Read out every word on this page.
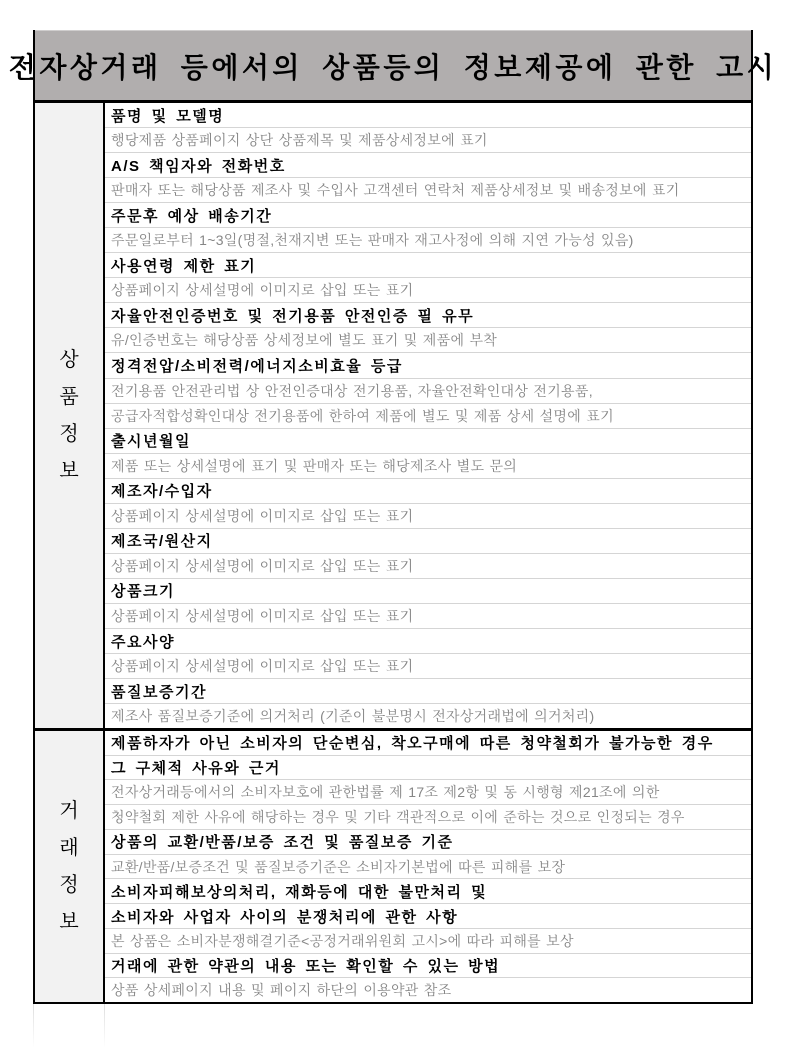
전자상거래 등에서의 상품등의 정보제공에 관한 고시
상
품
정
보
품명 및 모델명
행당제품 상품페이지 상단 상품제목 및 제품상세정보에 표기
A/S 책임자와 전화번호
판매자 또는 해당상품 제조사 및 수입사 고객센터 연락처 제품상세정보 및 배송정보에 표기
주문후 예상 배송기간
주문일로부터 1~3일(명절,천재지변 또는 판매자 재고사정에 의해 지연 가능성 있음)
사용연령 제한 표기
상품페이지 상세설명에 이미지로 삽입 또는 표기
자율안전인증번호 및 전기용품 안전인증 필 유무
유/인증번호는 해당상품 상세정보에 별도 표기 및 제품에 부착
정격전압/소비전력/에너지소비효율 등급
전기용품 안전관리법 상 안전인증대상 전기용품, 자율안전확인대상 전기용품,
공급자적합성확인대상 전기용품에 한하여 제품에 별도 및 제품 상세 설명에 표기
출시년월일
제품 또는 상세설명에 표기 및 판매자 또는 해당제조사 별도 문의
제조자/수입자
상품페이지 상세설명에 이미지로 삽입 또는 표기
제조국/원산지
상품페이지 상세설명에 이미지로 삽입 또는 표기
상품크기
상품페이지 상세설명에 이미지로 삽입 또는 표기
주요사양
상품페이지 상세설명에 이미지로 삽입 또는 표기
품질보증기간
제조사 품질보증기준에 의거처리 (기준이 불분명시 전자상거래법에 의거처리)
거
래
정
보
제품하자가 아닌 소비자의 단순변심, 착오구매에 따른 청약철회가 불가능한 경우
그 구체적 사유와 근거
전자상거래등에서의 소비자보호에 관한법률 제 17조 제2항 및 동 시행형 제21조에 의한
청약철회 제한 사유에 해당하는 경우 및 기타 객관적으로 이에 준하는 것으로 인정되는 경우
상품의 교환/반품/보증 조건 및 품질보증 기준
교환/반품/보증조건 및 품질보증기준은 소비자기본법에 따른 피해를 보장
소비자피해보상의처리, 재화등에 대한 불만처리 및
소비자와 사업자 사이의 분쟁처리에 관한 사항
본 상품은 소비자분쟁해결기준<공정거래위원회 고시>에 따라 피해를 보상
거래에 관한 약관의 내용 또는 확인할 수 있는 방법
상품 상세페이지 내용 및 페이지 하단의 이용약관 참조
